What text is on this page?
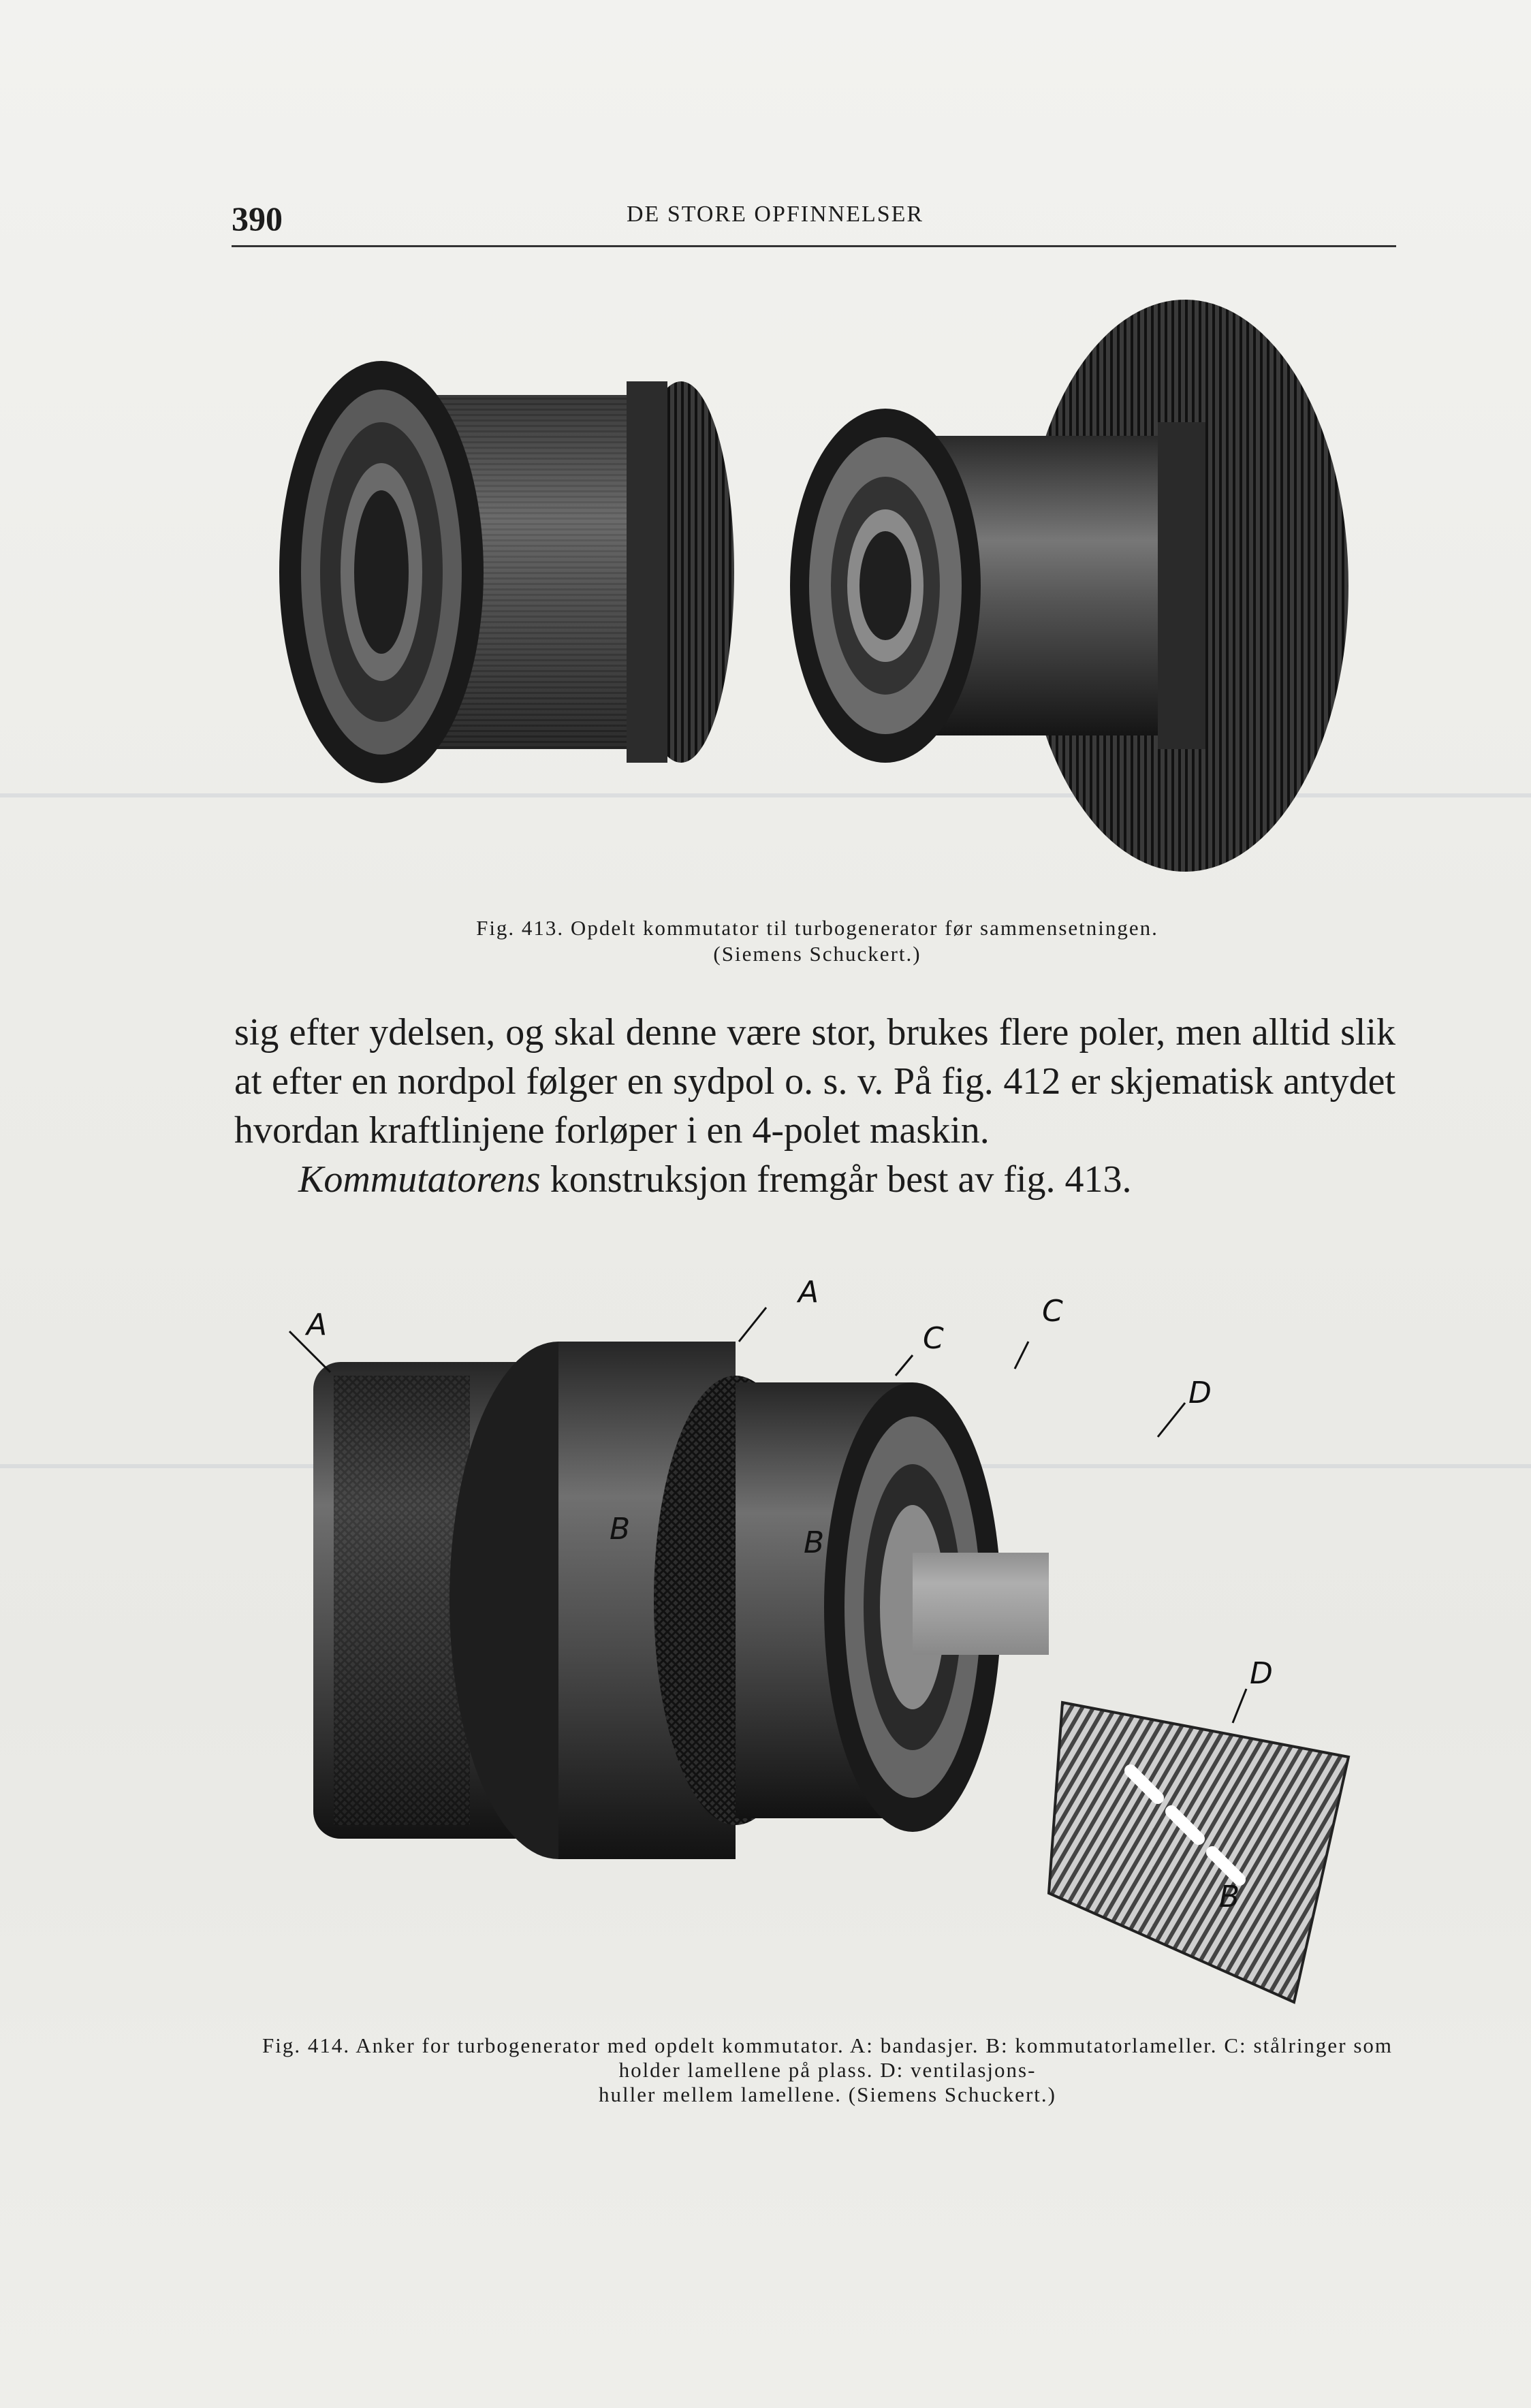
390	DE STORE OPFINNELSER
Fig. 413. Opdelt kommutator til turbogenerator før sammensetningen.
(Siemens Schuckert.)

sig efter ydelsen, og skal denne være stor, brukes flere poler, men alltid slik at efter en nordpol følger en sydpol o. s. v. På fig. 412 er skjematisk antydet hvordan kraftlinjene forløper i en 4-polet maskin.

Kommutatorens konstruksjon fremgår best av fig. 413.

A
A
C
C
D
D
B	B
B
Fig. 414. Anker for turbogenerator med opdelt kommutator. A: bandasjer. B: kommutatorlameller. C: stålringer som holder lamellene på plass. D: ventilasjons-
huller mellem lamellene. (Siemens Schuckert.)
